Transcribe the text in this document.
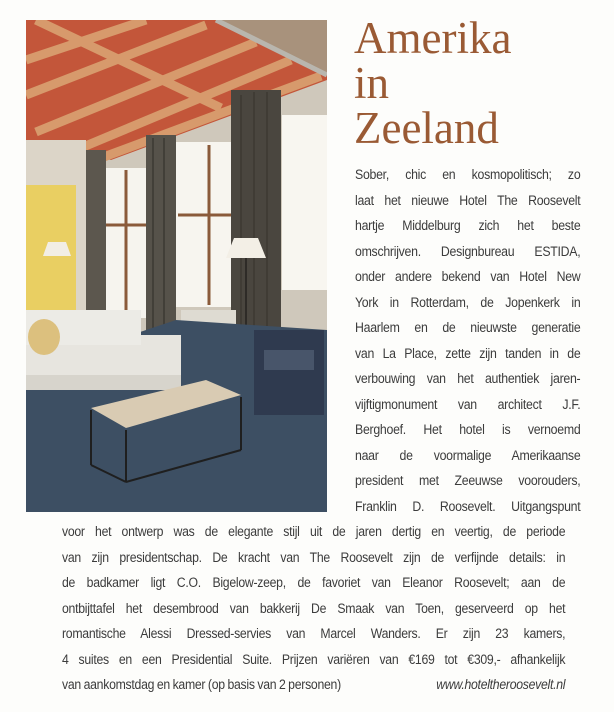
Amerika
in
Zeeland
Sober, chic en kosmopolitisch; zo
laat het nieuwe Hotel The Roosevelt
hartje Middelburg zich het beste
omschrijven. Designbureau ESTIDA,
onder andere bekend van Hotel New
York in Rotterdam, de Jopenkerk in
Haarlem en de nieuwste generatie
van La Place, zette zijn tanden in de
verbouwing van het authentiek jaren-
vijftigmonument van architect J.F.
Berghoef. Het hotel is vernoemd
naar de voormalige Amerikaanse
president met Zeeuwse voorouders,
Franklin D. Roosevelt. Uitgangspunt
voor het ontwerp was de elegante stijl uit de jaren dertig en veertig, de periode
van zijn presidentschap. De kracht van The Roosevelt zijn de verfijnde details: in
de badkamer ligt C.O. Bigelow-zeep, de favoriet van Eleanor Roosevelt; aan de
ontbijttafel het desembrood van bakkerij De Smaak van Toen, geserveerd op het
romantische Alessi Dressed-servies van Marcel Wanders. Er zijn 23 kamers,
4 suites en een Presidential Suite. Prijzen variëren van €169 tot €309,- afhankelijk
van aankomstdag en kamer (op basis van 2 personen)	www.hoteltheroosevelt.nl
